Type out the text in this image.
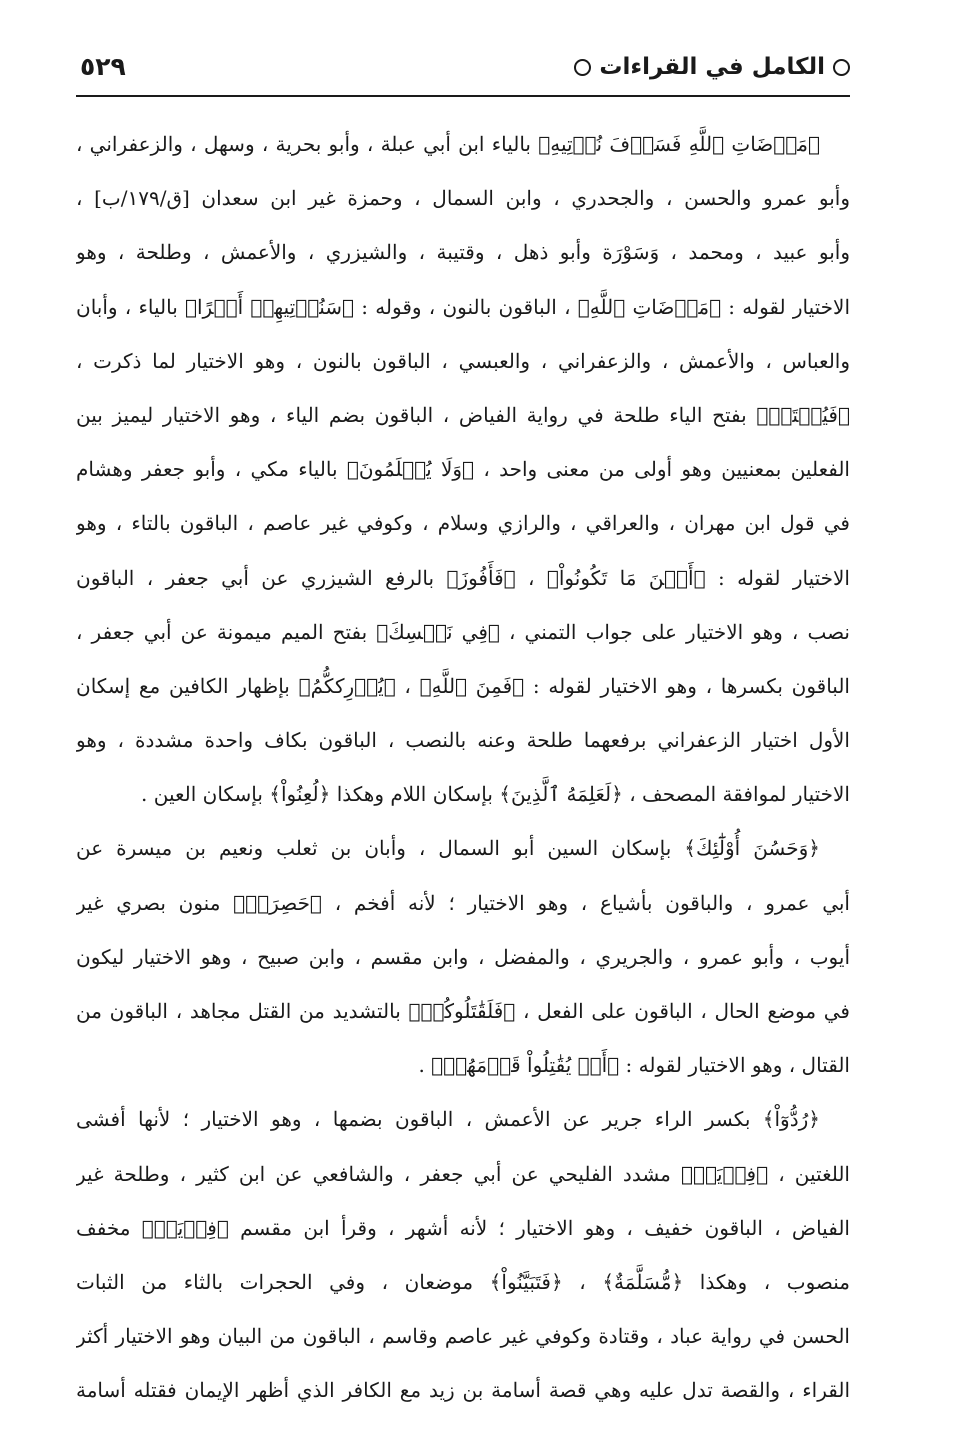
الكامل في القراءات
٥٢٩
﴿مَرۡضَاتِ ٱللَّهِ فَسَوۡفَ نُؤۡتِيهِ﴾ بالياء ابن أبي عبلة ، وأبو بحرية ، وسهل ، والزعفراني ،
وأبو عمرو والحسن ، والجحدري ، وابن السمال ، وحمزة غير ابن سعدان [ق/١٧٩/ب] ،
وأبو عبيد ، ومحمد ، وَسَوْرَة وأبو ذهل ، وقتيبة ، والشيزري ، والأعمش ، وطلحة ، وهو
الاختيار لقوله : ﴿مَرۡضَاتِ ٱللَّهِ﴾ ، الباقون بالنون ، وقوله : ﴿سَنُؤۡتِيهِمۡ أَجۡرًا﴾ بالياء ، وأبان
والعباس ، والأعمش ، والزعفراني ، والعبسي ، الباقون بالنون ، وهو الاختيار لما ذكرت ،
﴿فَيُقۡتَلۡ﴾ بفتح الياء طلحة في رواية الفياض ، الباقون بضم الياء ، وهو الاختيار ليميز بين
الفعلين بمعنيين وهو أولى من معنى واحد ، ﴿وَلَا يُظۡلَمُونَ﴾ بالياء مكي ، وأبو جعفر وهشام
في قول ابن مهران ، والعراقي ، والرازي وسلام ، وكوفي غير عاصم ، الباقون بالتاء ، وهو
الاختيار لقوله : ﴿أَيۡنَ مَا تَكُونُواْ﴾ ، ﴿فَأَفُوزَ﴾ بالرفع الشيزري عن أبي جعفر ، الباقون
نصب ، وهو الاختيار على جواب التمني ، ﴿فِي نَفۡسِكَ﴾ بفتح الميم ميمونة عن أبي جعفر ،
الباقون بكسرها ، وهو الاختيار لقوله : ﴿فَمِنَ ٱللَّهِ﴾ ، ﴿يُدۡرِككُّمُ﴾ بإظهار الكافين مع إسكان
الأول اختيار الزعفراني برفعهما طلحة وعنه بالنصب ، الباقون بكاف واحدة مشددة ، وهو
الاختيار لموافقة المصحف ، ﴿لَعَلِمَهُ ٱلَّذِينَ﴾ بإسكان اللام وهكذا ﴿لُعِنُواْ﴾ بإسكان العين .
﴿وَحَسُنَ أُوْلَٰٓئِكَ﴾ بإسكان السين أبو السمال ، وأبان بن ثعلب ونعيم بن ميسرة عن
أبي عمرو ، والباقون بأشياع ، وهو الاختيار ؛ لأنه أفخم ، ﴿حَصِرَتۡ﴾ منون بصري غير
أيوب ، وأبو عمرو ، والجريري ، والمفضل ، وابن مقسم ، وابن صبيح ، وهو الاختيار ليكون
في موضع الحال ، الباقون على الفعل ، ﴿فَلَقَٰتَلُوكُمۡ﴾ بالتشديد من القتل مجاهد ، الباقون من
القتال ، وهو الاختيار لقوله : ﴿أَوۡ يُقَٰتِلُواْ قَوۡمَهُمۡ﴾ .
﴿رُدُّوٓاْ﴾ بكسر الراء جرير عن الأعمش ، الباقون بضمها ، وهو الاختيار ؛ لأنها أفشى
اللغتين ، ﴿فِدۡيَةٞ﴾ مشدد الفليحي عن أبي جعفر ، والشافعي عن ابن كثير ، وطلحة غير
الفياض ، الباقون خفيف ، وهو الاختيار ؛ لأنه أشهر ، وقرأ ابن مقسم ﴿فِدۡيَةٞ﴾ مخفف
منصوب ، وهكذا ﴿مُّسَلَّمَةٌ﴾ ، ﴿فَتَبَيَّنُواْ﴾ موضعان ، وفي الحجرات بالثاء من الثبات
الحسن في رواية عباد ، وقتادة وكوفي غير عاصم وقاسم ، الباقون من البيان وهو الاختيار أكثر
القراء ، والقصة تدل عليه وهي قصة أسامة بن زيد مع الكافر الذي أظهر الإيمان فقتله أسامة
